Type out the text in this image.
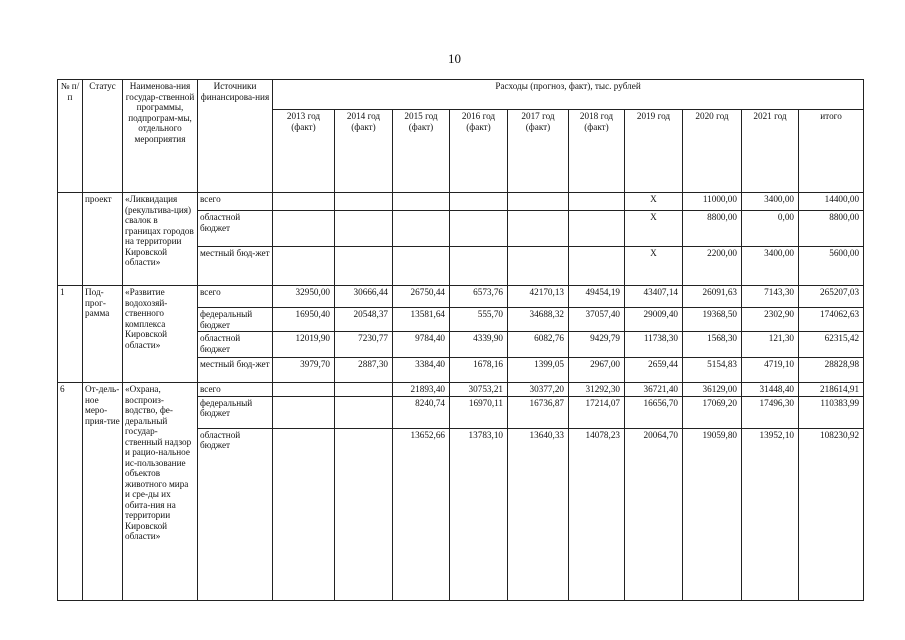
10
№ п/п	Статус	Наименова-ния государ-ственной программы, подпрограм-мы, отдельного мероприятия	Источники финансирова-ния	Расходы (прогноз, факт), тыс. рублей									
				2013 год (факт)	2014 год (факт)	2015 год (факт)	2016 год (факт)	2017 год (факт)	2018 год (факт)	2019 год	2020 год	2021 год	итого
	проект	«Ликвидация (рекультива-ция) свалок в границах городов на территории Кировской области»	всего							Х	11000,00	3400,00	14400,00
			областной бюджет							Х	8800,00	0,00	8800,00
			местный бюд-жет							Х	2200,00	3400,00	5600,00
1	Под-прог-рамма	«Развитие водохозяй-ственного комплекса Кировской области»	всего	32950,00	30666,44	26750,44	6573,76	42170,13	49454,19	43407,14	26091,63	7143,30	265207,03
			федеральный бюджет	16950,40	20548,37	13581,64	555,70	34688,32	37057,40	29009,40	19368,50	2302,90	174062,63
			областной бюджет	12019,90	7230,77	9784,40	4339,90	6082,76	9429,79	11738,30	1568,30	121,30	62315,42
			местный бюд-жет	3979,70	2887,30	3384,40	1678,16	1399,05	2967,00	2659,44	5154,83	4719,10	28828,98
6	От-дель-ное меро-прия-тие	«Охрана, воспроиз-водство, фе-деральный государ-ственный надзор и рацио-нальное ис-пользование объектов животного мира и сре-ды их обита-ния на территории Кировской области»	всего			21893,40	30753,21	30377,20	31292,30	36721,40	36129,00	31448,40	218614,91
			федеральный бюджет			8240,74	16970,11	16736,87	17214,07	16656,70	17069,20	17496,30	110383,99
			областной бюджет			13652,66	13783,10	13640,33	14078,23	20064,70	19059,80	13952,10	108230,92
